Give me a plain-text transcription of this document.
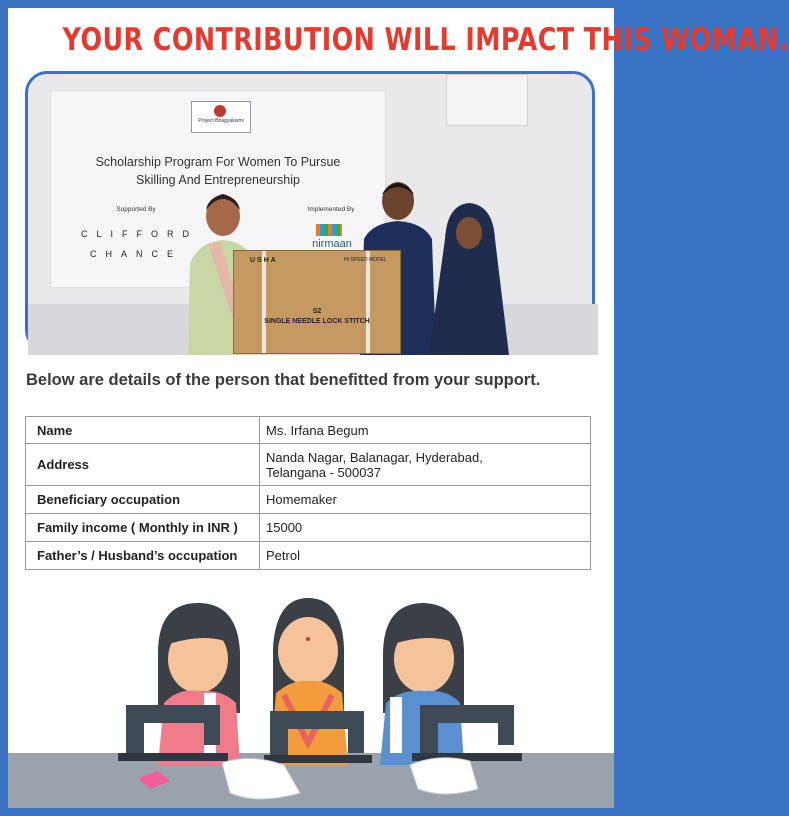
YOUR CONTRIBUTION WILL IMPACT THIS WOMAN.
Project Bhagyalaxmi
Scholarship Program For Women To Pursue
Skilling And Entrepreneurship
Supported By
CLIFFORD
CHANCE
Implemented By
nirmaan
USHA	HI-SPEED MODEL
S2
SINGLE NEEDLE LOCK STITCH
Below are details of the person that benefitted from your support.
Name	Ms. Irfana Begum
Address	Nanda Nagar, Balanagar, Hyderabad,
Telangana - 500037

Beneficiary occupation	Homemaker
Family income ( Monthly in INR )	15000
Father’s / Husband’s occupation	Petrol
